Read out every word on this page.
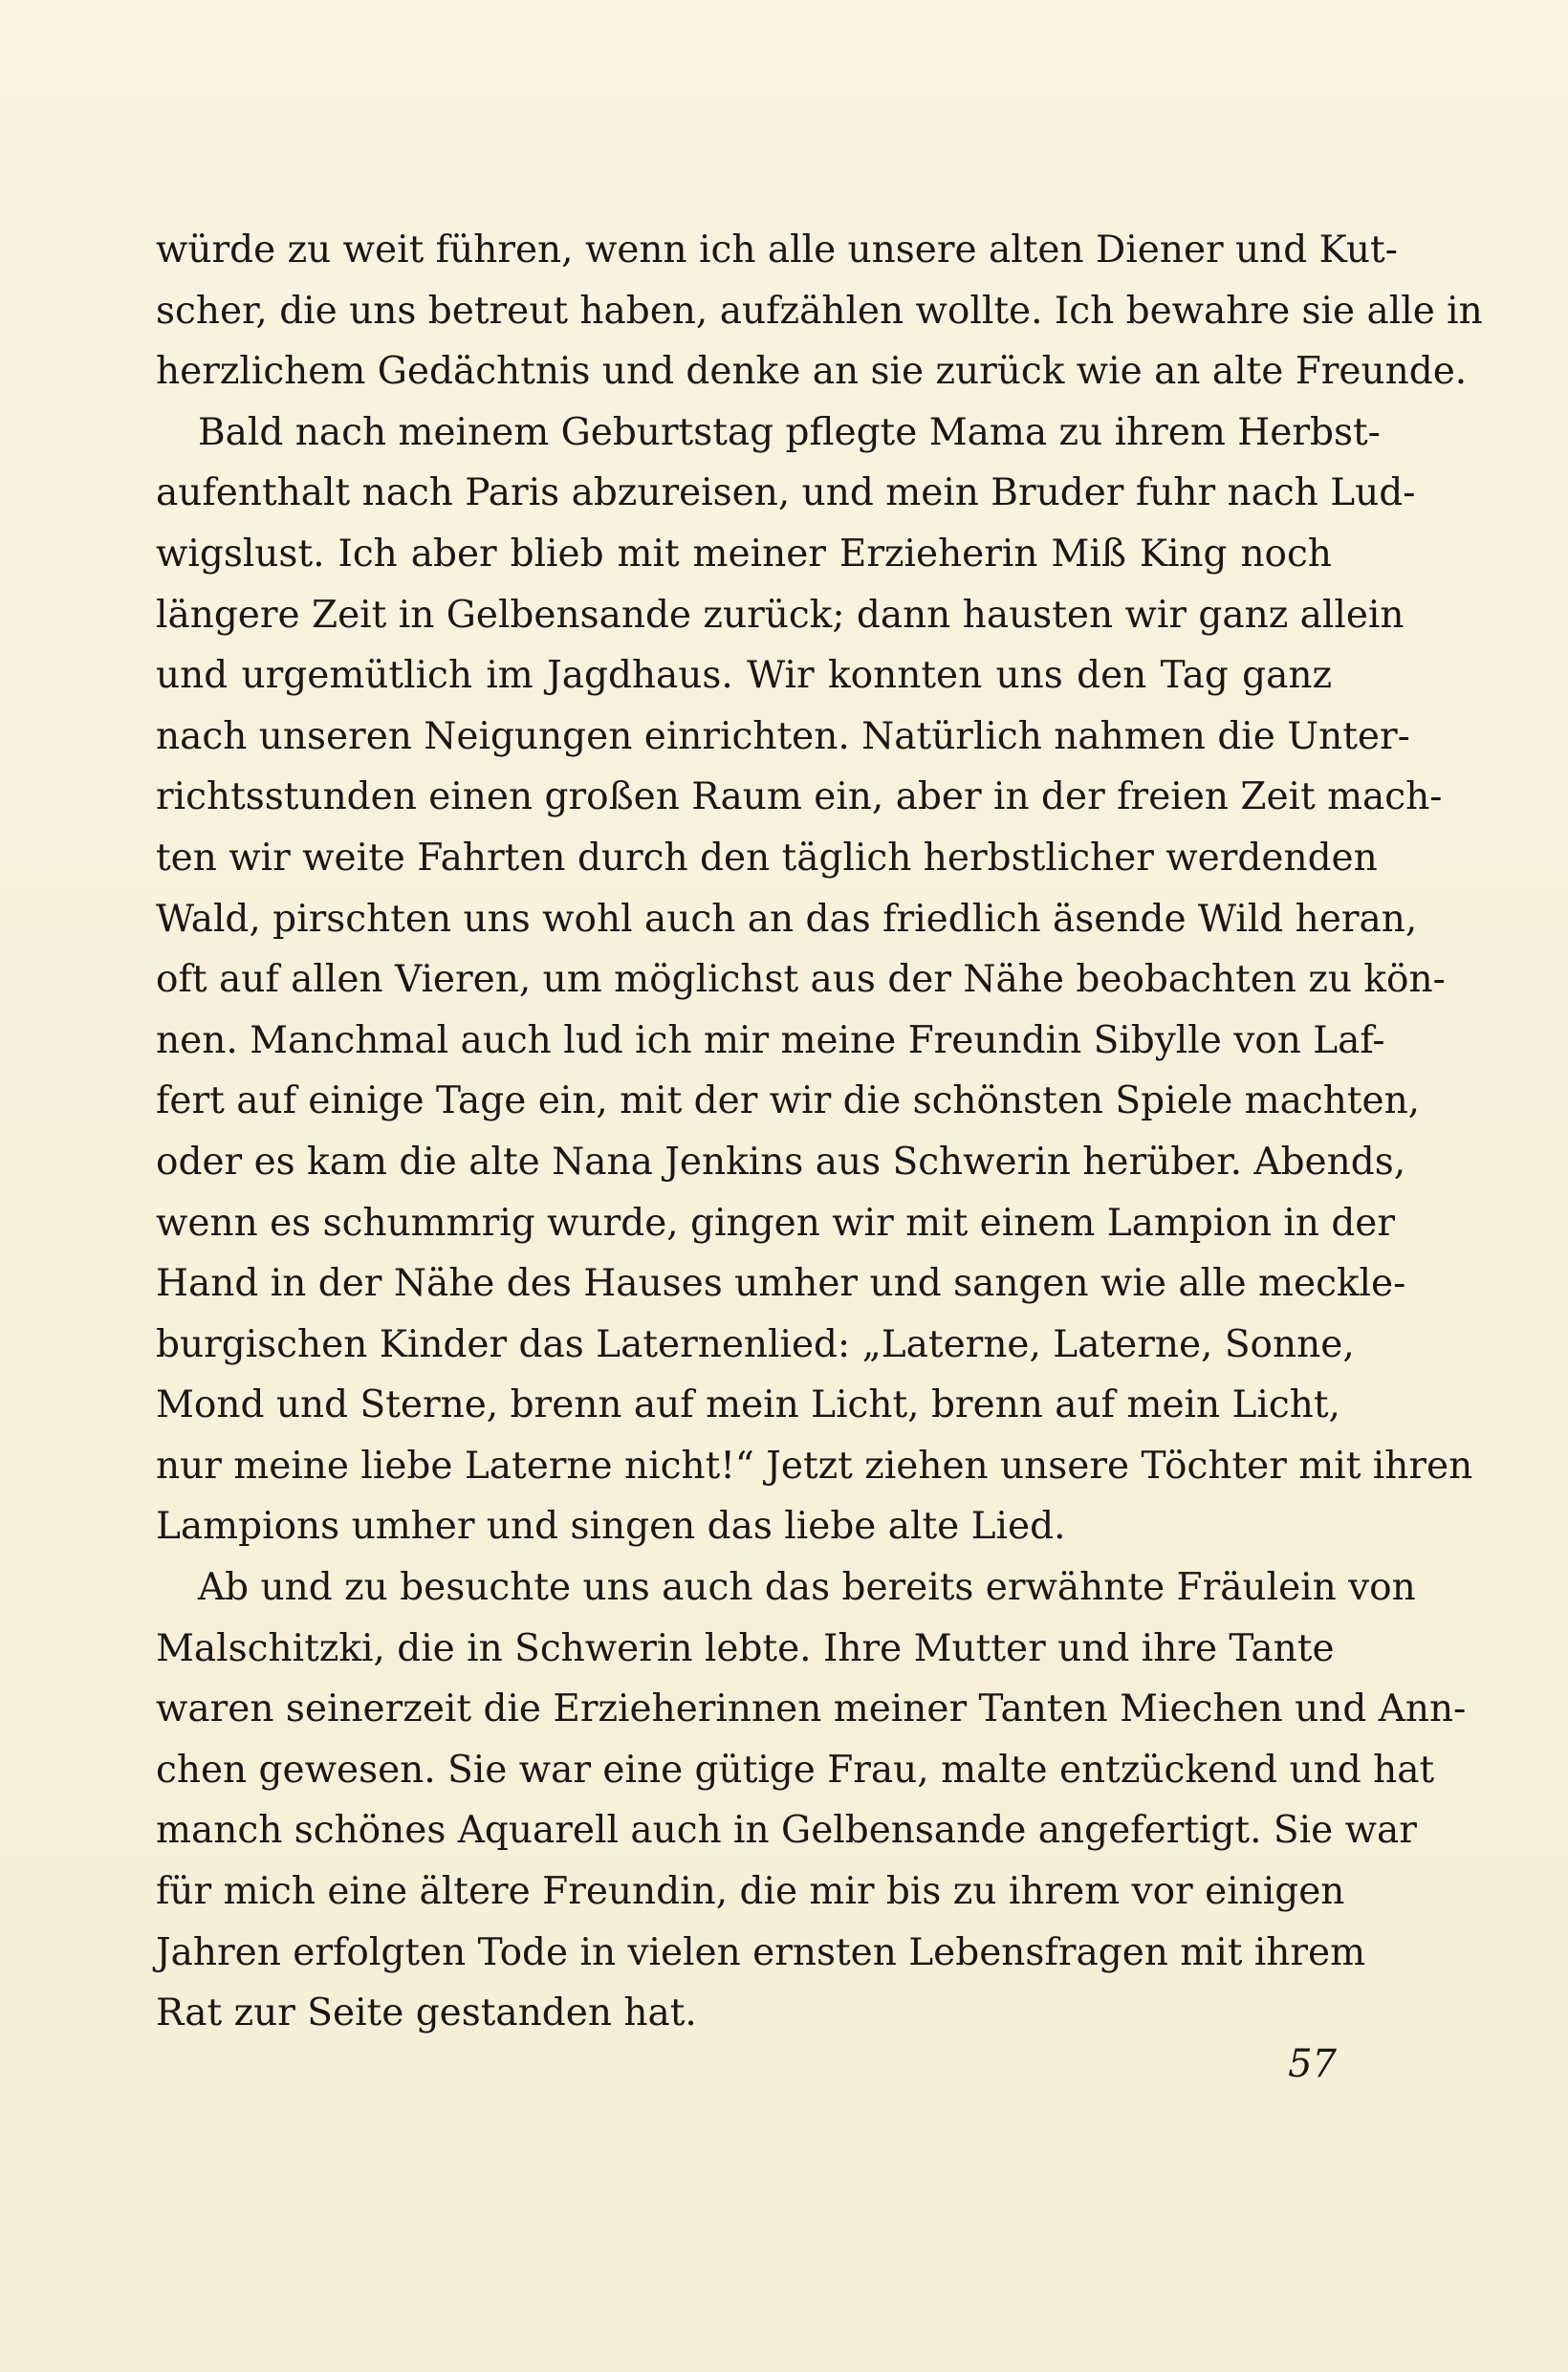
würde zu weit führen, wenn ich alle unsere alten Diener und Kut-
scher, die uns betreut haben, aufzählen wollte. Ich bewahre sie alle in
herzlichem Gedächtnis und denke an sie zurück wie an alte Freunde.

Bald nach meinem Geburtstag pflegte Mama zu ihrem Herbst-
aufenthalt nach Paris abzureisen, und mein Bruder fuhr nach Lud-
wigslust. Ich aber blieb mit meiner Erzieherin Miß King noch
längere Zeit in Gelbensande zurück; dann hausten wir ganz allein
und urgemütlich im Jagdhaus. Wir konnten uns den Tag ganz
nach unseren Neigungen einrichten. Natürlich nahmen die Unter-
richtsstunden einen großen Raum ein, aber in der freien Zeit mach-
ten wir weite Fahrten durch den täglich herbstlicher werdenden
Wald, pirschten uns wohl auch an das friedlich äsende Wild heran,
oft auf allen Vieren, um möglichst aus der Nähe beobachten zu kön-
nen. Manchmal auch lud ich mir meine Freundin Sibylle von Laf-
fert auf einige Tage ein, mit der wir die schönsten Spiele machten,
oder es kam die alte Nana Jenkins aus Schwerin herüber. Abends,
wenn es schummrig wurde, gingen wir mit einem Lampion in der
Hand in der Nähe des Hauses umher und sangen wie alle meckle-
burgischen Kinder das Laternenlied: „Laterne, Laterne, Sonne,
Mond und Sterne, brenn auf mein Licht, brenn auf mein Licht,
nur meine liebe Laterne nicht!“ Jetzt ziehen unsere Töchter mit ihren
Lampions umher und singen das liebe alte Lied.

Ab und zu besuchte uns auch das bereits erwähnte Fräulein von
Malschitzki, die in Schwerin lebte. Ihre Mutter und ihre Tante
waren seinerzeit die Erzieherinnen meiner Tanten Miechen und Ann-
chen gewesen. Sie war eine gütige Frau, malte entzückend und hat
manch schönes Aquarell auch in Gelbensande angefertigt. Sie war
für mich eine ältere Freundin, die mir bis zu ihrem vor einigen
Jahren erfolgten Tode in vielen ernsten Lebensfragen mit ihrem
Rat zur Seite gestanden hat.

57
